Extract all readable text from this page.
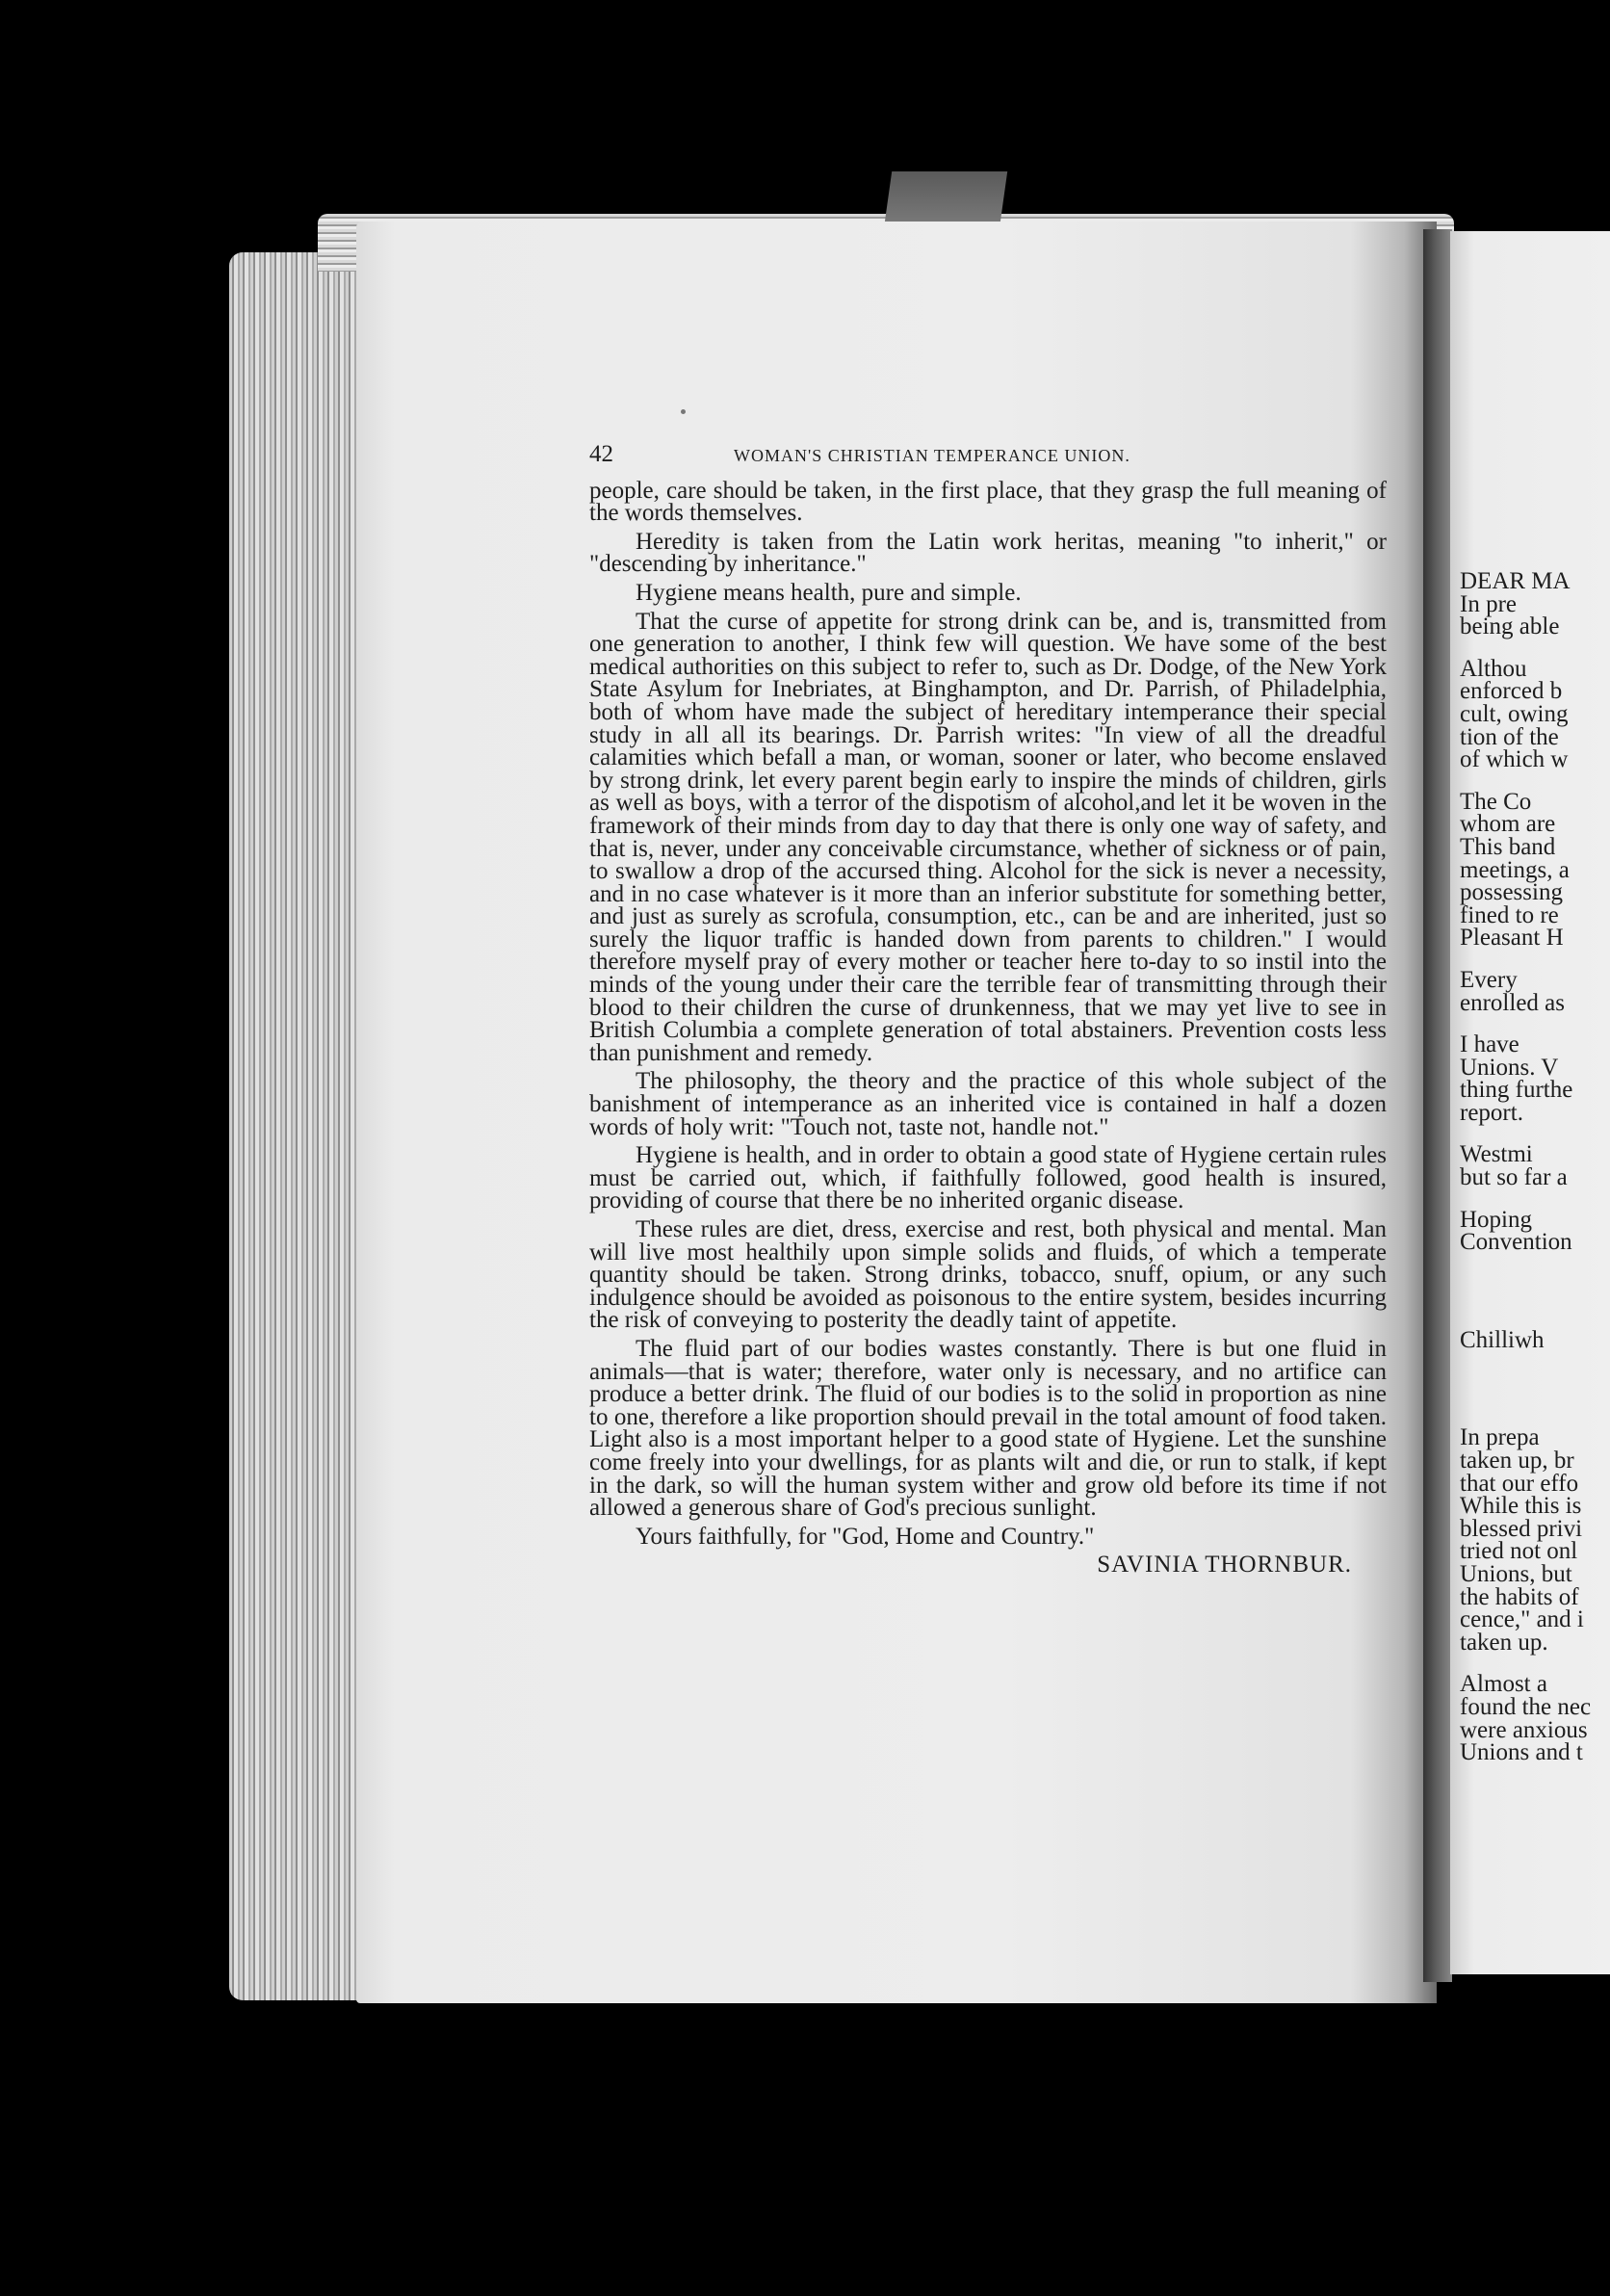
42	WOMAN'S CHRISTIAN TEMPERANCE UNION.

people, care should be taken, in the first place, that they grasp the full meaning of the words themselves.

Heredity is taken from the Latin work heritas, meaning "to inherit," or "descending by inheritance."

Hygiene means health, pure and simple.

That the curse of appetite for strong drink can be, and is, transmitted from one generation to another, I think few will question. We have some of the best medical authorities on this subject to refer to, such as Dr. Dodge, of the New York State Asylum for Inebriates, at Binghampton, and Dr. Parrish, of Philadelphia, both of whom have made the subject of hereditary intemperance their special study in all all its bearings. Dr. Parrish writes: "In view of all the dreadful calamities which befall a man, or woman, sooner or later, who become enslaved by strong drink, let every parent begin early to inspire the minds of children, girls as well as boys, with a terror of the dispotism of alcohol,and let it be woven in the framework of their minds from day to day that there is only one way of safety, and that is, never, under any conceivable circumstance, whether of sickness or of pain, to swallow a drop of the accursed thing. Alcohol for the sick is never a necessity, and in no case whatever is it more than an inferior substitute for something better, and just as surely as scrofula, consumption, etc., can be and are inherited, just so surely the liquor traffic is handed down from parents to children." I would therefore myself pray of every mother or teacher here to-day to so instil into the minds of the young under their care the terrible fear of transmitting through their blood to their children the curse of drunkenness, that we may yet live to see in British Columbia a complete generation of total abstainers. Prevention costs less than punishment and remedy.

The philosophy, the theory and the practice of this whole subject of the banishment of intemperance as an inherited vice is contained in half a dozen words of holy writ: "Touch not, taste not, handle not."

Hygiene is health, and in order to obtain a good state of Hygiene certain rules must be carried out, which, if faithfully followed, good health is insured, providing of course that there be no inherited organic disease.

These rules are diet, dress, exercise and rest, both physical and mental. Man will live most healthily upon simple solids and fluids, of which a temperate quantity should be taken. Strong drinks, tobacco, snuff, opium, or any such indulgence should be avoided as poisonous to the entire system, besides incurring the risk of conveying to posterity the deadly taint of appetite.

The fluid part of our bodies wastes constantly. There is but one fluid in animals—that is water; therefore, water only is necessary, and no artifice can produce a better drink. The fluid of our bodies is to the solid in proportion as nine to one, therefore a like proportion should prevail in the total amount of food taken. Light also is a most important helper to a good state of Hygiene. Let the sunshine come freely into your dwellings, for as plants wilt and die, or run to stalk, if kept in the dark, so will the human system wither and grow old before its time if not allowed a generous share of God's precious sunlight.

Yours faithfully, for "God, Home and Country."

SAVINIA THORNBUR.

DEAR MA
In pre
being able
Althou
enforced b
cult, owing
tion of the
of which w
The Co
whom are
This band
meetings, a
possessing
fined to re
Pleasant H
Every
enrolled as
I have
Unions. V
thing furthe
report.
Westmi
but so far a
Hoping
Convention
Chilliwh
In prepa
taken up, br
that our effo
While this is
blessed privi
tried not onl
Unions, but
the habits of
cence," and i
taken up.
Almost a
found the nec
were anxious
Unions and t
